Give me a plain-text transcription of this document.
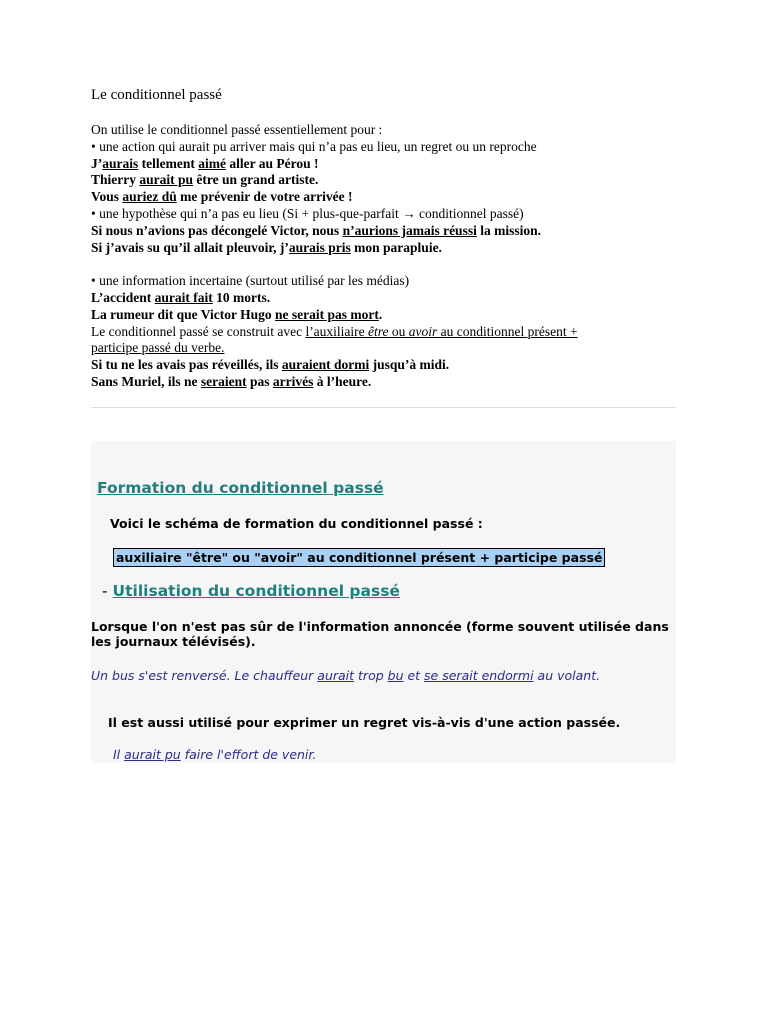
Le conditionnel passé

On utilise le conditionnel passé essentiellement pour :

• une action qui aurait pu arriver mais qui n’a pas eu lieu, un regret ou un reproche

J’aurais tellement aimé aller au Pérou !

Thierry aurait pu être un grand artiste.

Vous auriez dû me prévenir de votre arrivée !

• une hypothèse qui n’a pas eu lieu (Si + plus-que-parfait → conditionnel passé)

Si nous n’avions pas décongelé Victor, nous n’aurions jamais réussi la mission.

Si j’avais su qu’il allait pleuvoir, j’aurais pris mon parapluie.

• une information incertaine (surtout utilisé par les médias)

L’accident aurait fait 10 morts.

La rumeur dit que Victor Hugo ne serait pas mort.

Le conditionnel passé se construit avec l’auxiliaire être ou avoir au conditionnel présent +

participe passé du verbe.

Si tu ne les avais pas réveillés, ils auraient dormi jusqu’à midi.

Sans Muriel, ils ne seraient pas arrivés à l’heure.

Formation du conditionnel passé
Voici le schéma de formation du conditionnel passé :
auxiliaire "être" ou "avoir" au conditionnel présent + participe passé
- Utilisation du conditionnel passé
Lorsque l'on n'est pas sûr de l'information annoncée (forme souvent utilisée dans les journaux télévisés).
Un bus s'est renversé. Le chauffeur aurait trop bu et se serait endormi au volant.
Il est aussi utilisé pour exprimer un regret vis-à-vis d'une action passée.
Il aurait pu faire l'effort de venir.
